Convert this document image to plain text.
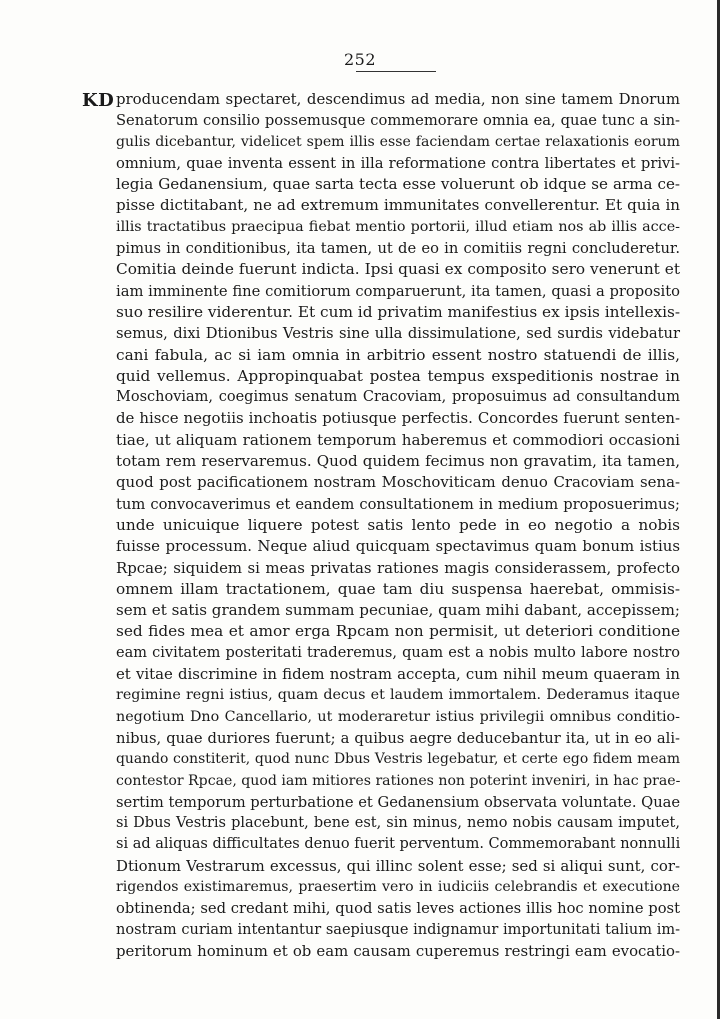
252
KD producendam spectaret, descendimus ad media, non sine tamem Dnorum
Senatorum consilio possemusque commemorare omnia ea, quae tunc a sin-
gulis dicebantur, videlicet spem illis esse faciendam certae relaxationis eorum
omnium, quae inventa essent in illa reformatione contra libertates et privi-
legia Gedanensium, quae sarta tecta esse voluerunt ob idque se arma ce-
pisse dictitabant, ne ad extremum immunitates convellerentur. Et quia in
illis tractatibus praecipua fiebat mentio portorii, illud etiam nos ab illis acce-
pimus in conditionibus, ita tamen, ut de eo in comitiis regni concluderetur.
Comitia deinde fuerunt indicta. Ipsi quasi ex composito sero venerunt et
iam imminente fine comitiorum comparuerunt, ita tamen, quasi a proposito
suo resilire viderentur. Et cum id privatim manifestius ex ipsis intellexis-
semus, dixi Dtionibus Vestris sine ulla dissimulatione, sed surdis videbatur
cani fabula, ac si iam omnia in arbitrio essent nostro statuendi de illis,
quid vellemus. Appropinquabat postea tempus exspeditionis nostrae in
Moschoviam, coegimus senatum Cracoviam, proposuimus ad consultandum
de hisce negotiis inchoatis potiusque perfectis. Concordes fuerunt senten-
tiae, ut aliquam rationem temporum haberemus et commodiori occasioni
totam rem reservaremus. Quod quidem fecimus non gravatim, ita tamen,
quod post pacificationem nostram Moschoviticam denuo Cracoviam sena-
tum convocaverimus et eandem consultationem in medium proposuerimus;
unde unicuique liquere potest satis lento pede in eo negotio a nobis
fuisse processum. Neque aliud quicquam spectavimus quam bonum istius
Rpcae; siquidem si meas privatas rationes magis considerassem, profecto
omnem illam tractationem, quae tam diu suspensa haerebat, ommisis-
sem et satis grandem summam pecuniae, quam mihi dabant, accepissem;
sed fides mea et amor erga Rpcam non permisit, ut deteriori conditione
eam civitatem posteritati traderemus, quam est a nobis multo labore nostro
et vitae discrimine in fidem nostram accepta, cum nihil meum quaeram in
regimine regni istius, quam decus et laudem immortalem. Dederamus itaque
negotium Dno Cancellario, ut moderaretur istius privilegii omnibus conditio-
nibus, quae duriores fuerunt; a quibus aegre deducebantur ita, ut in eo ali-
quando constiterit, quod nunc Dbus Vestris legebatur, et certe ego fidem meam
contestor Rpcae, quod iam mitiores rationes non poterint inveniri, in hac prae-
sertim temporum perturbatione et Gedanensium observata voluntate. Quae
si Dbus Vestris placebunt, bene est, sin minus, nemo nobis causam imputet,
si ad aliquas difficultates denuo fuerit perventum. Commemorabant nonnulli
Dtionum Vestrarum excessus, qui illinc solent esse; sed si aliqui sunt, cor-
rigendos existimaremus, praesertim vero in iudiciis celebrandis et executione
obtinenda; sed credant mihi, quod satis leves actiones illis hoc nomine post
nostram curiam intentantur saepiusque indignamur importunitati talium im-
peritorum hominum et ob eam causam cuperemus restringi eam evocatio-
